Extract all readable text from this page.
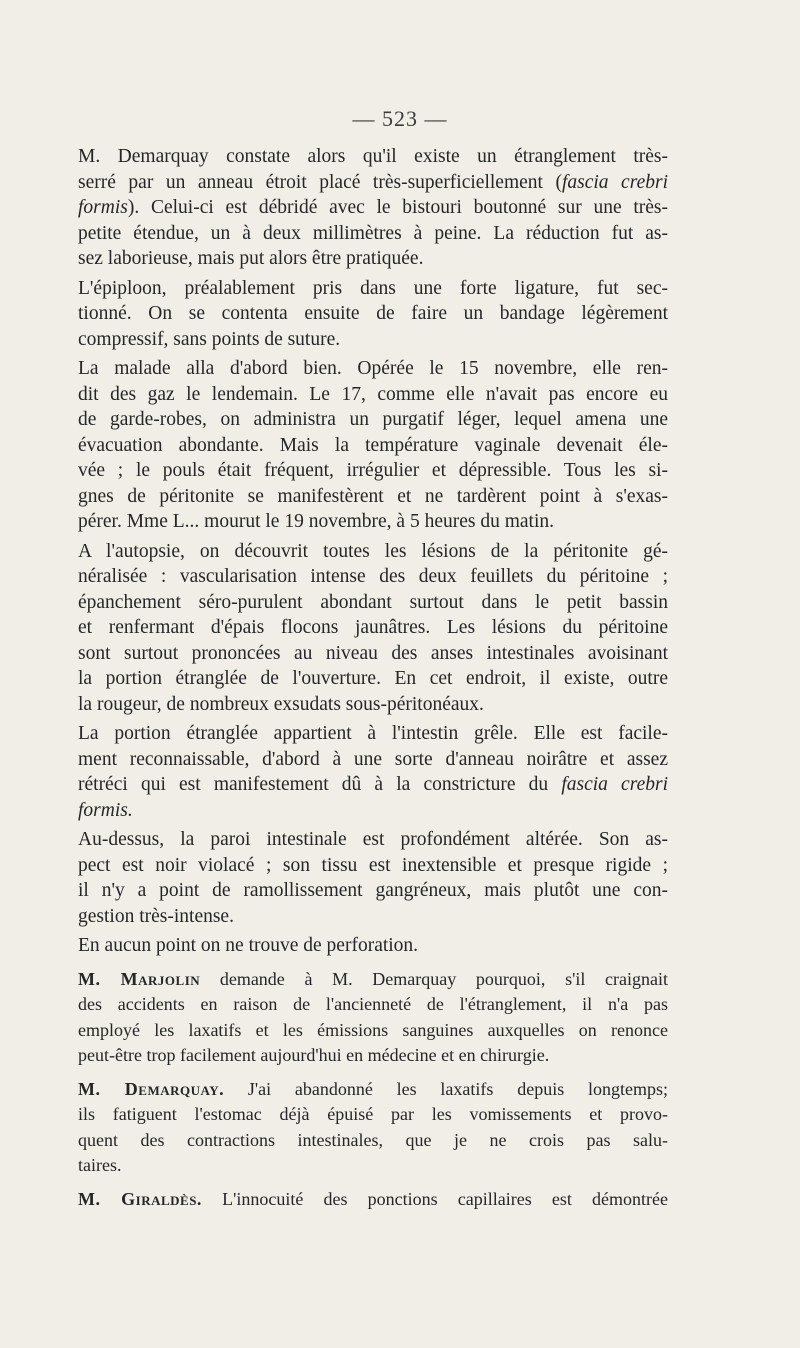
— 523 —
M. Demarquay constate alors qu'il existe un étranglement très-
serré par un anneau étroit placé très-superficiellement (fascia crebri
formis). Celui-ci est débridé avec le bistouri boutonné sur une très-
petite étendue, un à deux millimètres à peine. La réduction fut as-
sez laborieuse, mais put alors être pratiquée.
L'épiploon, préalablement pris dans une forte ligature, fut sec-
tionné. On se contenta ensuite de faire un bandage légèrement
compressif, sans points de suture.
La malade alla d'abord bien. Opérée le 15 novembre, elle ren-
dit des gaz le lendemain. Le 17, comme elle n'avait pas encore eu
de garde-robes, on administra un purgatif léger, lequel amena une
évacuation abondante. Mais la température vaginale devenait éle-
vée ; le pouls était fréquent, irrégulier et dépressible. Tous les si-
gnes de péritonite se manifestèrent et ne tardèrent point à s'exas-
pérer. Mme L... mourut le 19 novembre, à 5 heures du matin.
A l'autopsie, on découvrit toutes les lésions de la péritonite gé-
néralisée : vascularisation intense des deux feuillets du péritoine ;
épanchement séro-purulent abondant surtout dans le petit bassin
et renfermant d'épais flocons jaunâtres. Les lésions du péritoine
sont surtout prononcées au niveau des anses intestinales avoisinant
la portion étranglée de l'ouverture. En cet endroit, il existe, outre
la rougeur, de nombreux exsudats sous-péritonéaux.
La portion étranglée appartient à l'intestin grêle. Elle est facile-
ment reconnaissable, d'abord à une sorte d'anneau noirâtre et assez
rétréci qui est manifestement dû à la constricture du fascia crebri
formis.
Au-dessus, la paroi intestinale est profondément altérée. Son as-
pect est noir violacé ; son tissu est inextensible et presque rigide ;
il n'y a point de ramollissement gangréneux, mais plutôt une con-
gestion très-intense.
En aucun point on ne trouve de perforation.
M. Marjolin demande à M. Demarquay pourquoi, s'il craignait
des accidents en raison de l'ancienneté de l'étranglement, il n'a pas
employé les laxatifs et les émissions sanguines auxquelles on renonce
peut-être trop facilement aujourd'hui en médecine et en chirurgie.
M. Demarquay. J'ai abandonné les laxatifs depuis longtemps;
ils fatiguent l'estomac déjà épuisé par les vomissements et provo-
quent des contractions intestinales, que je ne crois pas salu-
taires.
M. Giraldès. L'innocuité des ponctions capillaires est démontrée
